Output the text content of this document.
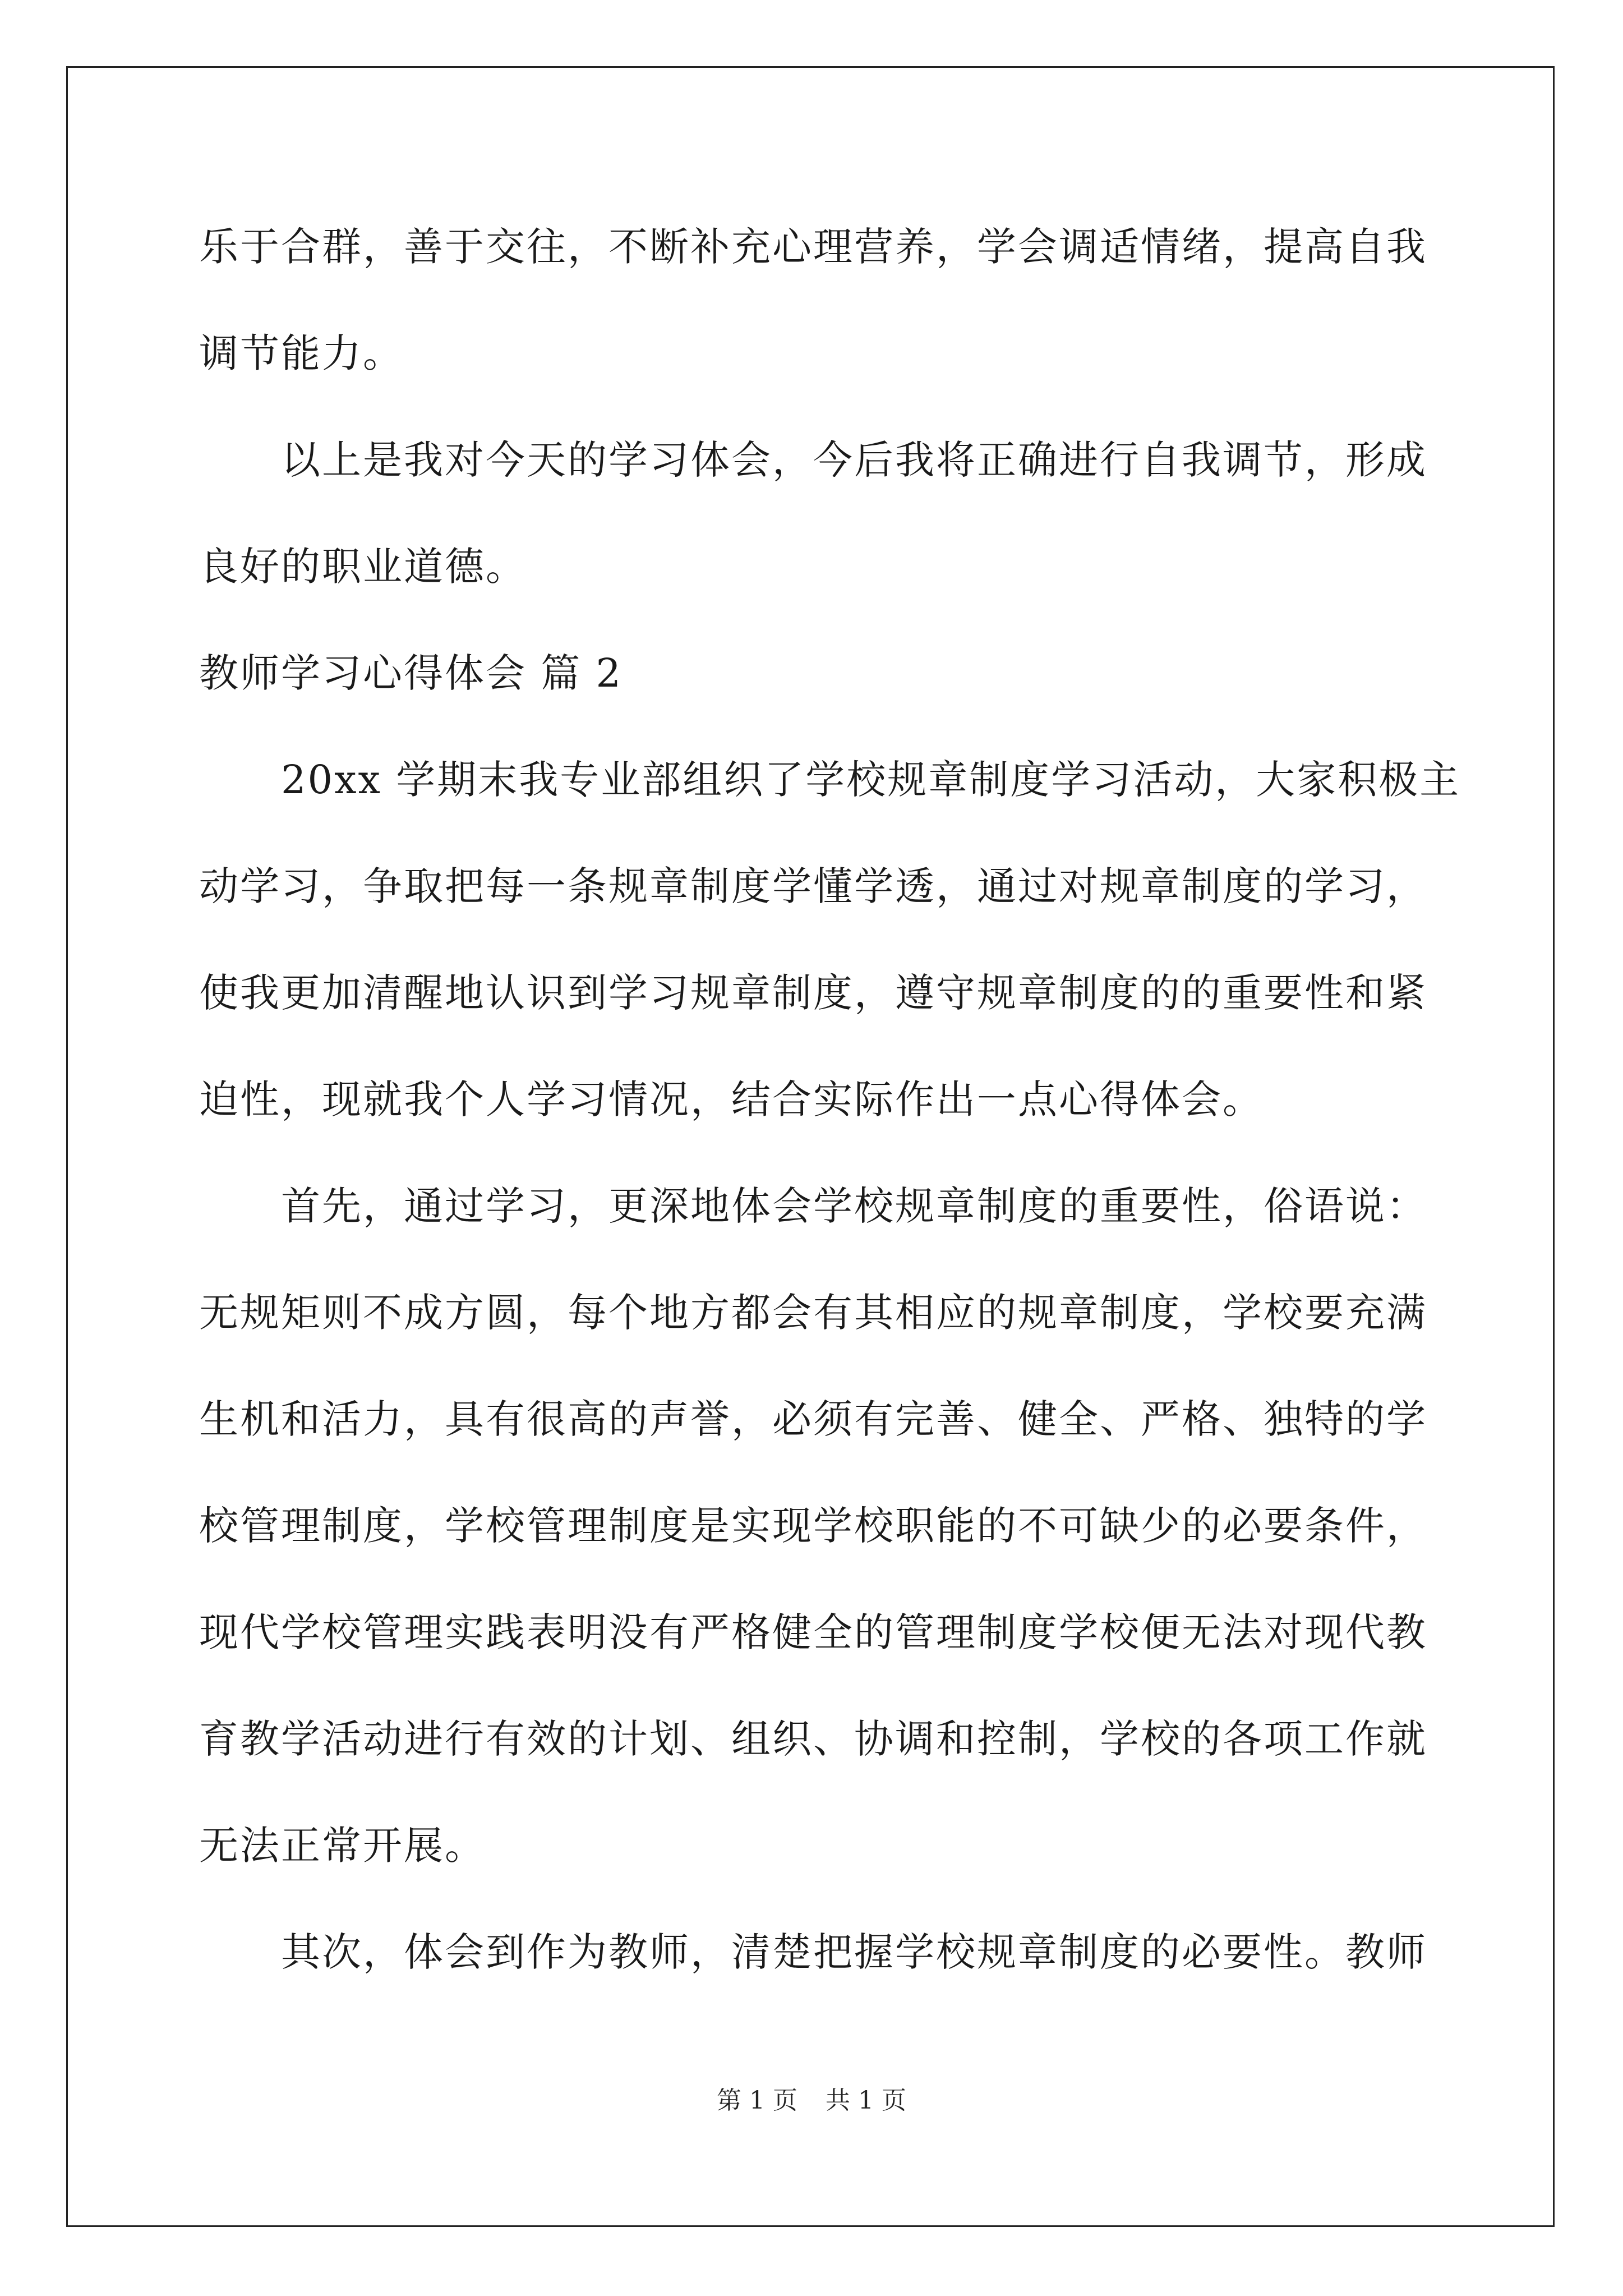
乐于合群，善于交往，不断补充心理营养，学会调适情绪，提高自我
调节能力。
　　以上是我对今天的学习体会，今后我将正确进行自我调节，形成
良好的职业道德。
教师学习心得体会 篇 2
　　20xx 学期末我专业部组织了学校规章制度学习活动，大家积极主
动学习，争取把每一条规章制度学懂学透，通过对规章制度的学习，
使我更加清醒地认识到学习规章制度，遵守规章制度的的重要性和紧
迫性，现就我个人学习情况，结合实际作出一点心得体会。
　　首先，通过学习，更深地体会学校规章制度的重要性，俗语说：
无规矩则不成方圆，每个地方都会有其相应的规章制度，学校要充满
生机和活力，具有很高的声誉，必须有完善、健全、严格、独特的学
校管理制度，学校管理制度是实现学校职能的不可缺少的必要条件，
现代学校管理实践表明没有严格健全的管理制度学校便无法对现代教
育教学活动进行有效的计划、组织、协调和控制，学校的各项工作就
无法正常开展。
　　其次，体会到作为教师，清楚把握学校规章制度的必要性。教师
第 1 页 共 1 页
